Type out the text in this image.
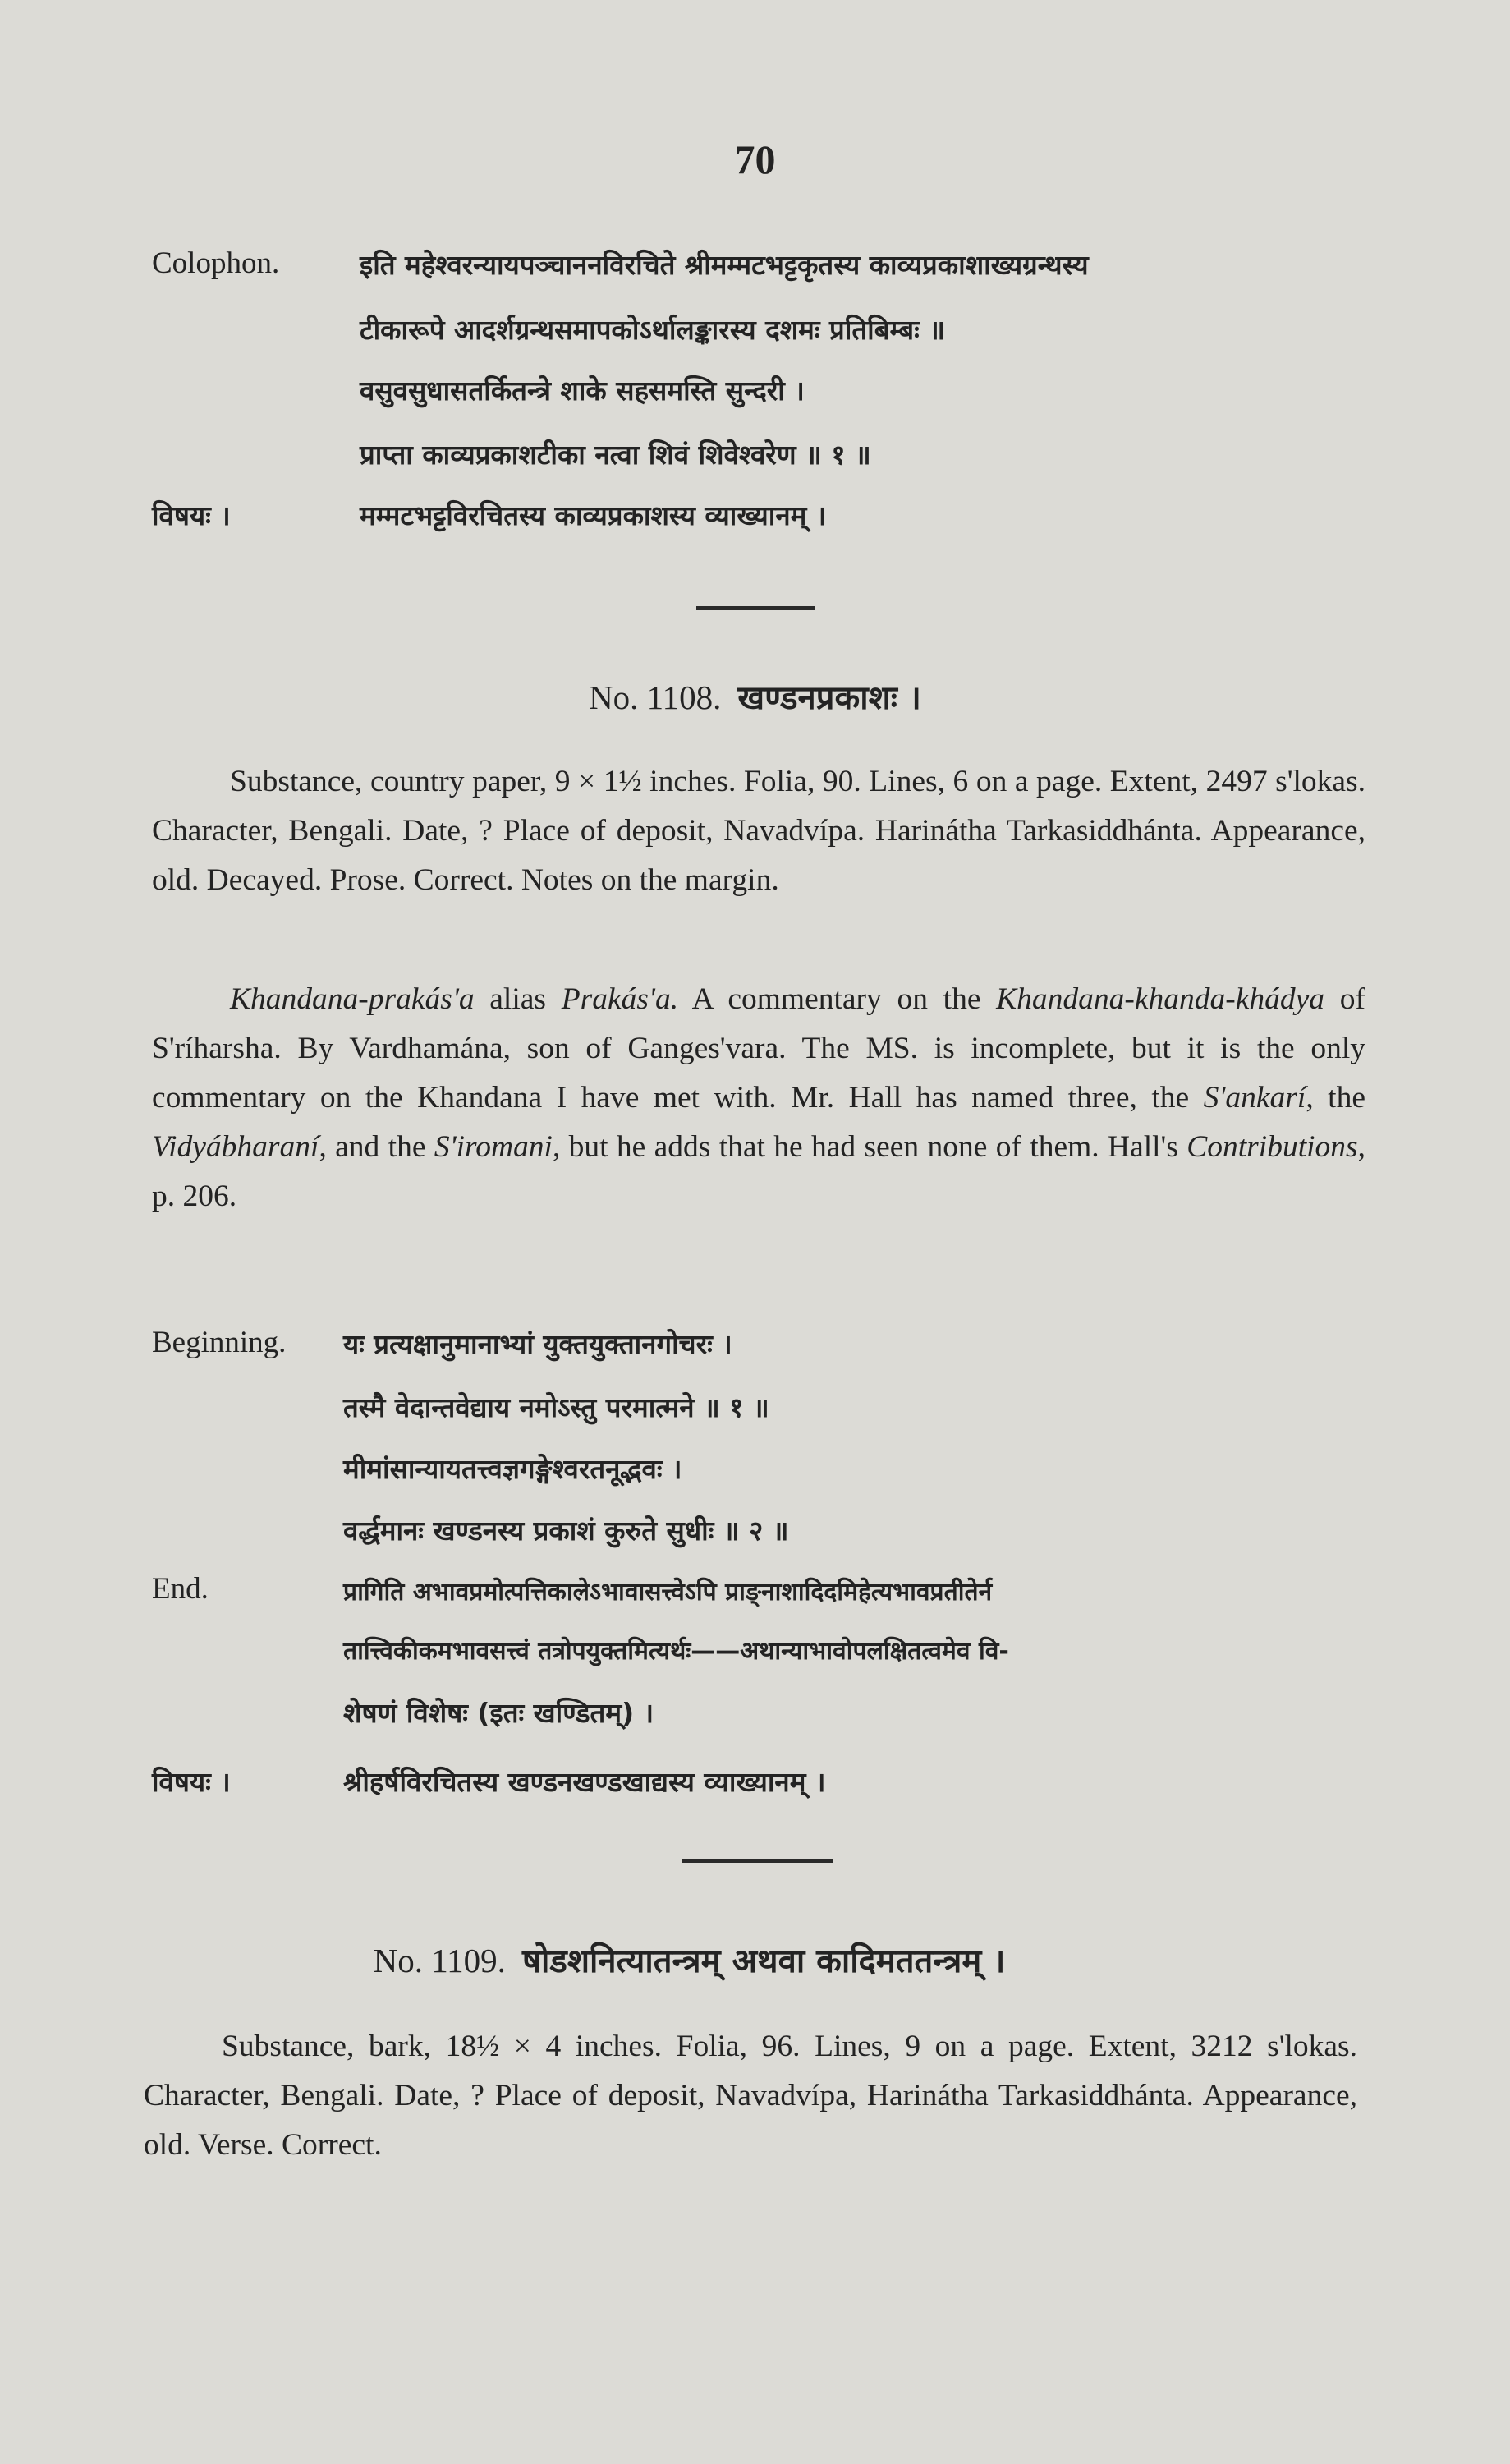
70
Colophon.	इति महेश्वरन्यायपञ्चाननविरचिते श्रीमम्मटभट्टकृतस्य काव्यप्रकाशाख्यग्रन्थस्य
टीकारूपे आदर्शग्रन्थसमापकोऽर्थालङ्कारस्य दशमः प्रतिबिम्बः ॥
वसुवसुधासतर्कितन्त्रे शाके सहसमस्ति सुन्दरी ।
प्राप्ता काव्यप्रकाशटीका नत्वा शिवं शिवेश्वरेण ॥ १ ॥
विषयः ।	मम्मटभट्टविरचितस्य काव्यप्रकाशस्य व्याख्यानम् ।
No. 1108. खण्डनप्रकाशः ।

Substance, country paper, 9 × 1½ inches. Folia, 90. Lines, 6 on a page. Extent, 2497 s'lokas. Character, Bengali. Date, ? Place of deposit, Navadvípa. Harinátha Tarkasiddhánta. Appearance, old. Decayed. Prose. Correct. Notes on the margin.

Khandana-prakás'a alias Prakás'a. A commentary on the Khandana-khanda-khádya of S'ríharsha. By Vardhamána, son of Ganges'vara. The MS. is incomplete, but it is the only commentary on the Khandana I have met with. Mr. Hall has named three, the S'ankarí, the Vidyábharaní, and the S'iromani, but he adds that he had seen none of them. Hall's Contributions, p. 206.

Beginning. यः प्रत्यक्षानुमानाभ्यां युक्तयुक्तानगोचरः ।
तस्मै वेदान्तवेद्याय नमोऽस्तु परमात्मने ॥ १ ॥
मीमांसान्यायतत्त्वज्ञगङ्गेश्वरतनूद्भवः ।
वर्द्धमानः खण्डनस्य प्रकाशं कुरुते सुधीः ॥ २ ॥
End.	प्रागिति अभावप्रमोत्पत्तिकालेऽभावासत्त्वेऽपि प्राङ्नाशादिदमिहेत्यभावप्रतीतेर्न
तात्त्विकीकमभावसत्त्वं तत्रोपयुक्तमित्यर्थः——अथान्याभावोपलक्षितत्वमेव वि-
शेषणं विशेषः (इतः खण्डितम्) ।
विषयः ।	श्रीहर्षविरचितस्य खण्डनखण्डखाद्यस्य व्याख्यानम् ।
No. 1109. षोडशनित्यातन्त्रम् अथवा कादिमततन्त्रम् ।

Substance, bark, 18½ × 4 inches. Folia, 96. Lines, 9 on a page. Extent, 3212 s'lokas. Character, Bengali. Date, ? Place of deposit, Navadvípa, Harinátha Tarkasiddhánta. Appearance, old. Verse. Correct.
